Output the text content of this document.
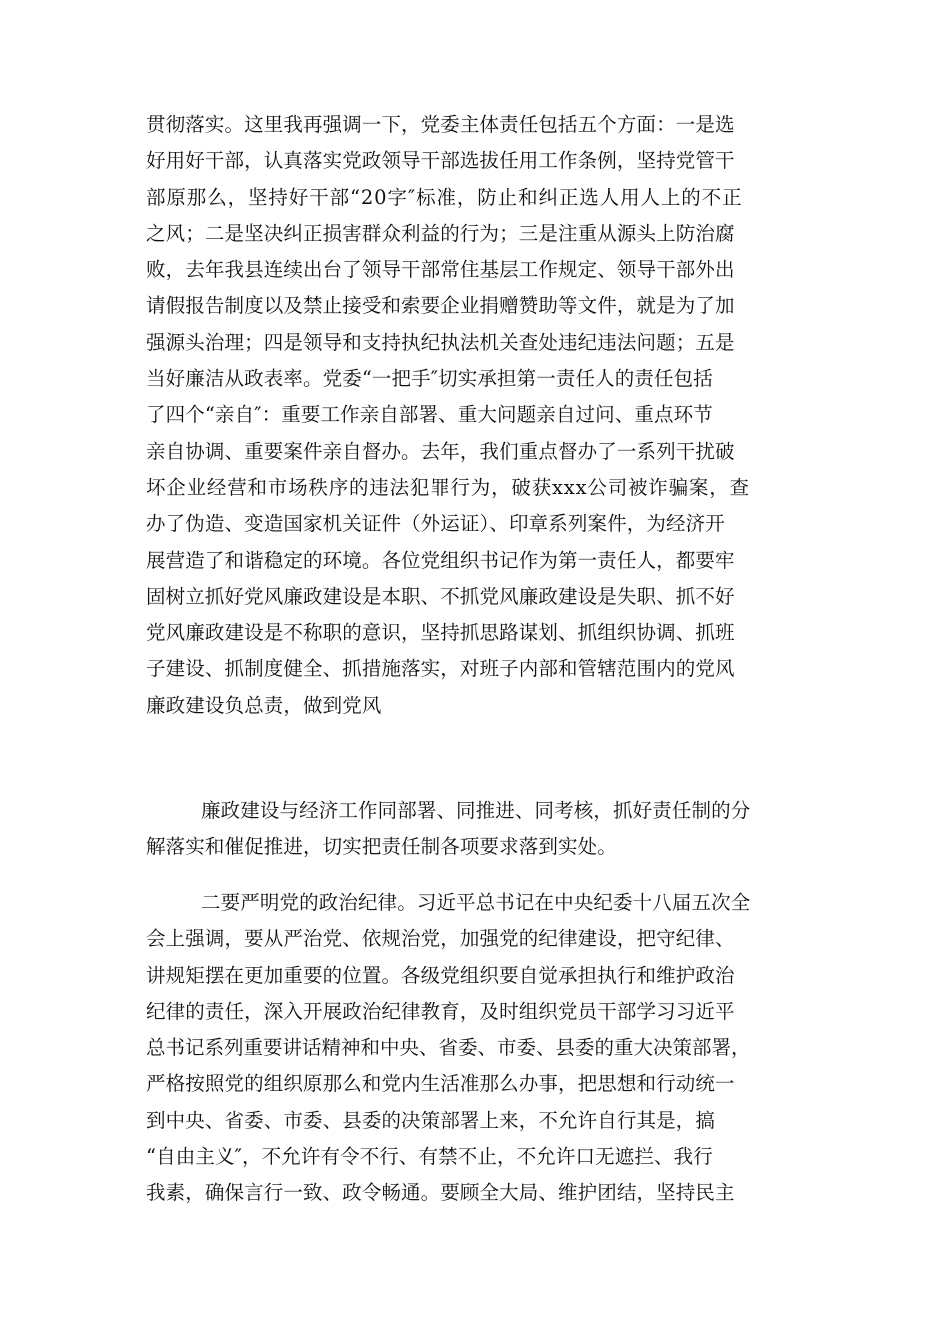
贯彻落实。这里我再强调一下，党委主体责任包括五个方面：一是选
好用好干部，认真落实党政领导干部选拔任用工作条例，坚持党管干
部原那么，坚持好干部“20字″标准，防止和纠正选人用人上的不正
之风；二是坚决纠正损害群众利益的行为；三是注重从源头上防治腐
败，去年我县连续出台了领导干部常住基层工作规定、领导干部外出
请假报告制度以及禁止接受和索要企业捐赠赞助等文件，就是为了加
强源头治理；四是领导和支持执纪执法机关查处违纪违法问题；五是
当好廉洁从政表率。党委“一把手″切实承担第一责任人的责任包括
了四个“亲自″：重要工作亲自部署、重大问题亲自过问、重点环节
亲自协调、重要案件亲自督办。去年，我们重点督办了一系列干扰破
坏企业经营和市场秩序的违法犯罪行为，破获xxx公司被诈骗案，查
办了伪造、变造国家机关证件（外运证）、印章系列案件，为经济开
展营造了和谐稳定的环境。各位党组织书记作为第一责任人，都要牢
固树立抓好党风廉政建设是本职、不抓党风廉政建设是失职、抓不好
党风廉政建设是不称职的意识，坚持抓思路谋划、抓组织协调、抓班
子建设、抓制度健全、抓措施落实，对班子内部和管辖范围内的党风
廉政建设负总责，做到党风
廉政建设与经济工作同部署、同推进、同考核，抓好责任制的分
解落实和催促推进，切实把责任制各项要求落到实处。
二要严明党的政治纪律。习近平总书记在中央纪委十八届五次全
会上强调，要从严治党、依规治党，加强党的纪律建设，把守纪律、
讲规矩摆在更加重要的位置。各级党组织要自觉承担执行和维护政治
纪律的责任，深入开展政治纪律教育，及时组织党员干部学习习近平
总书记系列重要讲话精神和中央、省委、市委、县委的重大决策部署，
严格按照党的组织原那么和党内生活准那么办事，把思想和行动统一
到中央、省委、市委、县委的决策部署上来，不允许自行其是，搞
“自由主义″，不允许有令不行、有禁不止，不允许口无遮拦、我行
我素，确保言行一致、政令畅通。要顾全大局、维护团结，坚持民主
